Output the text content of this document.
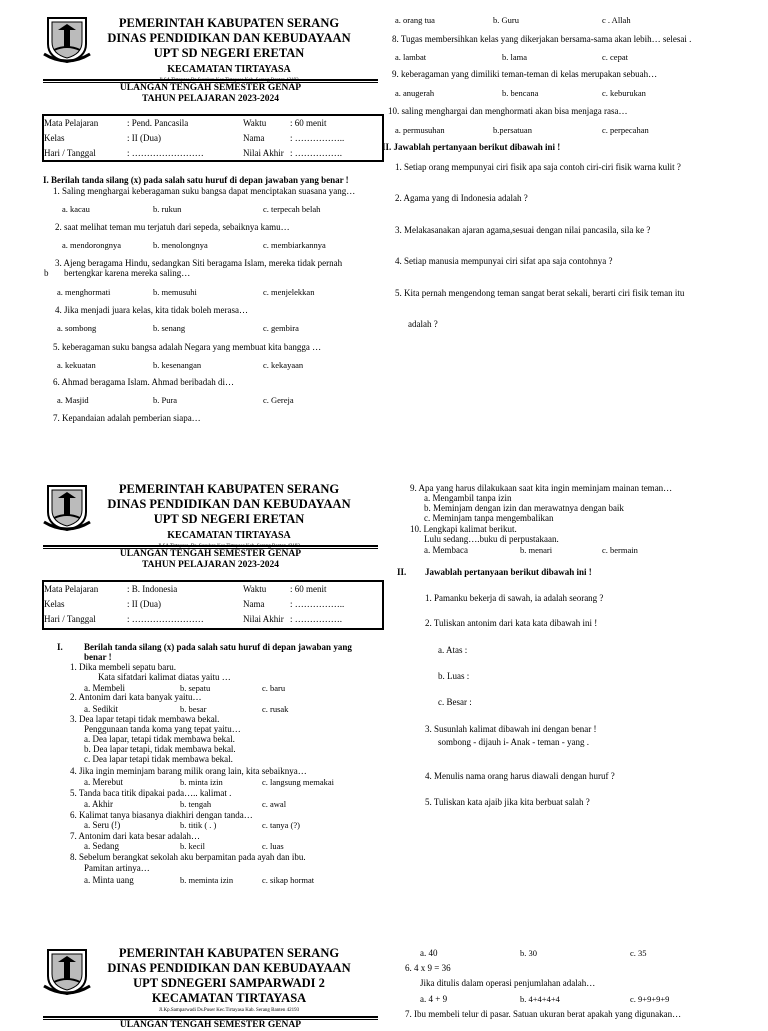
PEMERINTAH KABUPATEN SERANG
DINAS PENDIDIKAN DAN KEBUDAYAAN
UPT SD NEGERI ERETAN
KECAMATAN TIRTAYASA
Jl.SA Tirtayasa,Ds.Susukan Kec.Tirtayasa Kab. Serang Banten 42193
ULANGAN TENGAH SEMESTER GENAP
TAHUN PELAJARAN 2023-2024
Mata Pelajaran	: Pend. Pancasila	Waktu	: 60 menit
Kelas	: II (Dua)	Nama	: ……………..
Hari / Tanggal	: ……………………	Nilai Akhir : …………….
I. Berilah tanda silang (x) pada salah satu huruf di depan jawaban yang benar !
1. Saling menghargai keberagaman suku bangsa dapat menciptakan suasana yang…
a. kacau	b. rukun	c. terpecah belah
2. saat melihat teman mu terjatuh dari sepeda, sebaiknya kamu…
a. mendorongnya	b. menolongnya	c. membiarkannya
3. Ajeng beragama Hindu, sedangkan Siti beragama Islam, mereka tidak pernah
b bertengkar karena mereka saling…
a. menghormati	b. memusuhi	c. menjelekkan
4. Jika menjadi juara kelas, kita tidak boleh merasa…
a. sombong	b. senang	c. gembira
5. keberagaman suku bangsa adalah Negara yang membuat kita bangga …
a. kekuatan	b. kesenangan	c. kekayaan
6. Ahmad beragama Islam. Ahmad beribadah di…
a. Masjid	b. Pura	c. Gereja
7. Kepandaian adalah pemberian siapa…
a. orang tua	b. Guru	c . Allah
8. Tugas membersihkan kelas yang dikerjakan bersama-sama akan lebih… selesai .
a. lambat	b. lama	c. cepat
9. keberagaman yang dimiliki teman-teman di kelas merupakan sebuah…
a. anugerah	b. bencana	c. keburukan
10. saling menghargai dan menghormati akan bisa menjaga rasa…
a. permusuhan	b.persatuan	c. perpecahan
II. Jawablah pertanyaan berikut dibawah ini !
1. Setiap orang mempunyai ciri fisik apa saja contoh ciri-ciri fisik warna kulit ?
2. Agama yang di Indonesia adalah ?
3. Melakasanakan ajaran agama,sesuai dengan nilai pancasila, sila ke ?
4. Setiap manusia mempunyai ciri sifat apa saja contohnya ?
5. Kita pernah mengendong teman sangat berat sekali, berarti ciri fisik teman itu
adalah ?
PEMERINTAH KABUPATEN SERANG
DINAS PENDIDIKAN DAN KEBUDAYAAN
UPT SD NEGERI ERETAN
KECAMATAN TIRTAYASA
Jl.SA Tirtayasa, Ds. Susukan Kec.Tirtayasa Kab. Serang Banten 42193
ULANGAN TENGAH SEMESTER GENAP
TAHUN PELAJARAN 2023-2024
Mata Pelajaran	: B. Indonesia	Waktu	: 60 menit
Kelas	: II (Dua)	Nama	: ……………..
Hari / Tanggal	: ……………………	Nilai Akhir : …………….
I. Berilah tanda silang (x) pada salah satu huruf di depan jawaban yang
benar !
1. Dika membeli sepatu baru.
Kata sifatdari kalimat diatas yaitu …
a. Membeli	b. sepatu	c. baru
2. Antonim dari kata banyak yaitu…
a. Sedikit	b. besar	c. rusak
3. Dea lapar tetapi tidak membawa bekal.
Penggunaan tanda koma yang tepat yaitu…
a. Dea lapar, tetapi tidak membawa bekal.
b. Dea lapar tetapi, tidak membawa bekal.
c. Dea lapar tetapi tidak membawa bekal.
4. Jika ingin meminjam barang milik orang lain, kita sebaiknya…
a. Merebut	b. minta izin	c. langsung memakai
5. Tanda baca titik dipakai pada….. kalimat .
a. Akhir	b. tengah	c. awal
6. Kalimat tanya biasanya diakhiri dengan tanda…
a. Seru (!)	b. titik ( . )	c. tanya (?)
7. Antonim dari kata besar adalah…
a. Sedang	b. kecil	c. luas
8. Sebelum berangkat sekolah aku berpamitan pada ayah dan ibu.
Pamitan artinya…
a. Minta uang	b. meminta izin	c. sikap hormat
9. Apa yang harus dilakukaan saat kita ingin meminjam mainan teman…
a. Mengambil tanpa izin
b. Meminjam dengan izin dan merawatnya dengan baik
c. Meminjam tanpa mengembalikan
10. Lengkapi kalimat berikut.
Lulu sedang….buku di perpustakaan.
a. Membaca	b. menari	c. bermain
II. Jawablah pertanyaan berikut dibawah ini !
1. Pamanku bekerja di sawah, ia adalah seorang ?
2. Tuliskan antonim dari kata kata dibawah ini !
a. Atas :
b. Luas :
c. Besar :
3. Susunlah kalimat dibawah ini dengan benar !
sombong - dijauh i- Anak - teman - yang .
4. Menulis nama orang harus diawali dengan huruf ?
5. Tuliskan kata ajaib jika kita berbuat salah ?
PEMERINTAH KABUPATEN SERANG
DINAS PENDIDIKAN DAN KEBUDAYAAN
UPT SDNEGERI SAMPARWADI 2
KECAMATAN TIRTAYASA
Jl.Kp.Samparwadi Ds.Puser Kec.Tirtayasa Kab. Serang Banten 42193
ULANGAN TENGAH SEMESTER GENAP
a. 40	b. 30	c. 35
6. 4 x 9 = 36
Jika ditulis dalam operasi penjumlahan adalah…
a. 4 + 9	b. 4+4+4+4	c. 9+9+9+9
7. Ibu membeli telur di pasar. Satuan ukuran berat apakah yang digunakan…
